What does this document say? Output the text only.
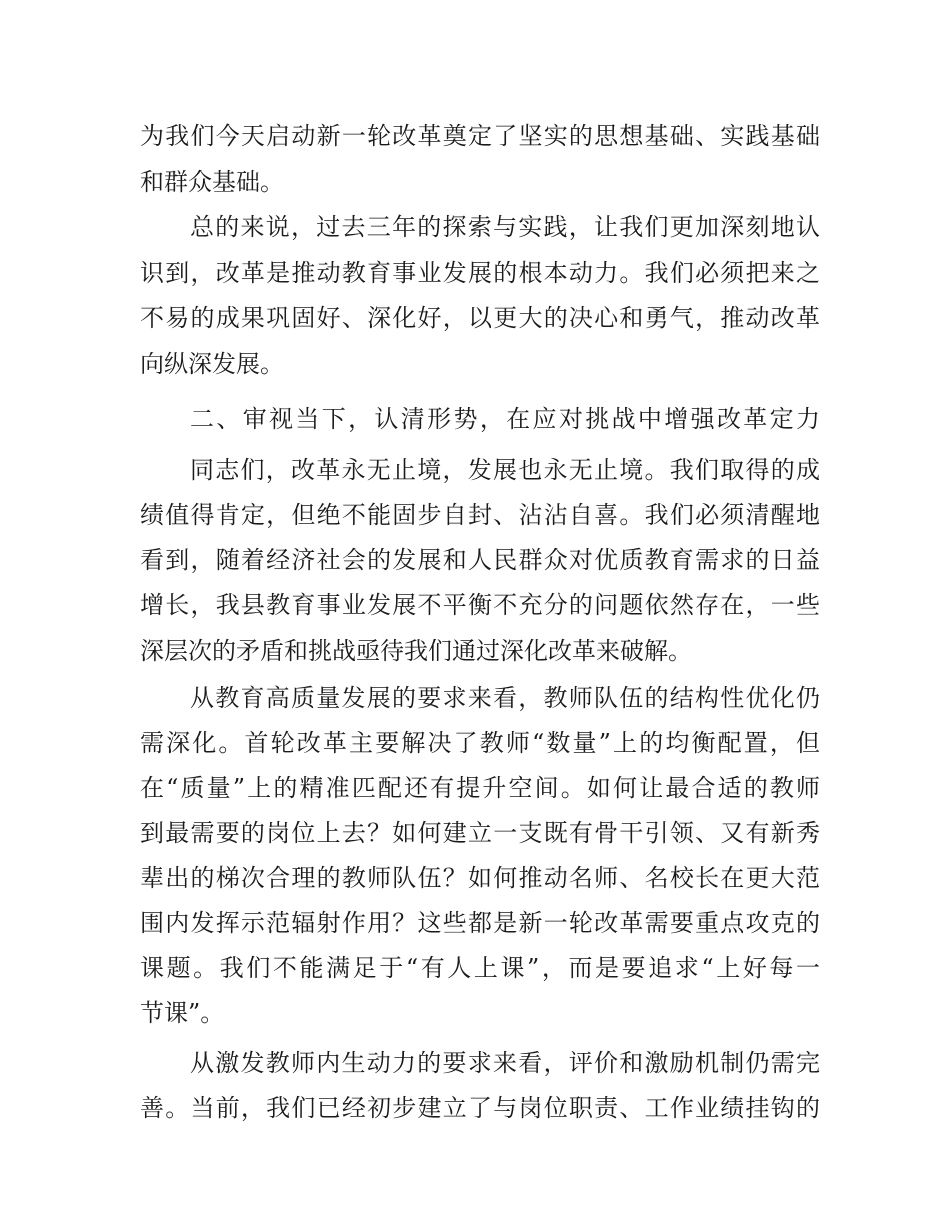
为我们今天启动新一轮改革奠定了坚实的思想基础、实践基础
和群众基础。
总的来说，过去三年的探索与实践，让我们更加深刻地认
识到，改革是推动教育事业发展的根本动力。我们必须把来之
不易的成果巩固好、深化好，以更大的决心和勇气，推动改革
向纵深发展。
二、审视当下，认清形势，在应对挑战中增强改革定力
同志们，改革永无止境，发展也永无止境。我们取得的成
绩值得肯定，但绝不能固步自封、沾沾自喜。我们必须清醒地
看到，随着经济社会的发展和人民群众对优质教育需求的日益
增长，我县教育事业发展不平衡不充分的问题依然存在，一些
深层次的矛盾和挑战亟待我们通过深化改革来破解。
从教育高质量发展的要求来看，教师队伍的结构性优化仍
需深化。首轮改革主要解决了教师“数量”上的均衡配置，但
在“质量”上的精准匹配还有提升空间。如何让最合适的教师
到最需要的岗位上去？如何建立一支既有骨干引领、又有新秀
辈出的梯次合理的教师队伍？如何推动名师、名校长在更大范
围内发挥示范辐射作用？这些都是新一轮改革需要重点攻克的
课题。我们不能满足于“有人上课”，而是要追求“上好每一
节课”。
从激发教师内生动力的要求来看，评价和激励机制仍需完
善。当前，我们已经初步建立了与岗位职责、工作业绩挂钩的
